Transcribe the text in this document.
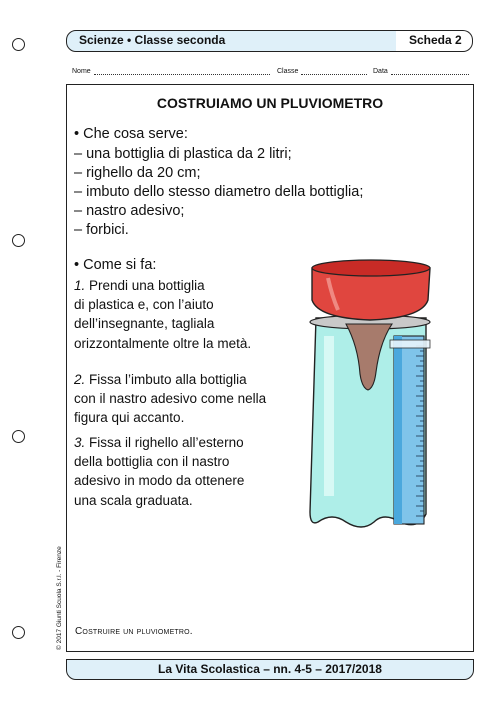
Scienze • Classe seconda	Scheda 2
Nome	Classe	Data
COSTRUIAMO UN PLUVIOMETRO
• Che cosa serve:
– una bottiglia di plastica da 2 litri;
– righello da 20 cm;
– imbuto dello stesso diametro della bottiglia;
– nastro adesivo;
– forbici.
• Come si fa:
1. Prendi una bottiglia
di plastica e, con l’aiuto
dell’insegnante, tagliala
orizzontalmente oltre la metà.
2. Fissa l’imbuto alla bottiglia
con il nastro adesivo come nella
figura qui accanto.
3. Fissa il righello all’esterno
della bottiglia con il nastro
adesivo in modo da ottenere
una scala graduata.
Costruire un pluviometro.
© 2017 Giunti Scuola S.r.l. - Firenze
La Vita Scolastica – nn. 4-5 – 2017/2018
